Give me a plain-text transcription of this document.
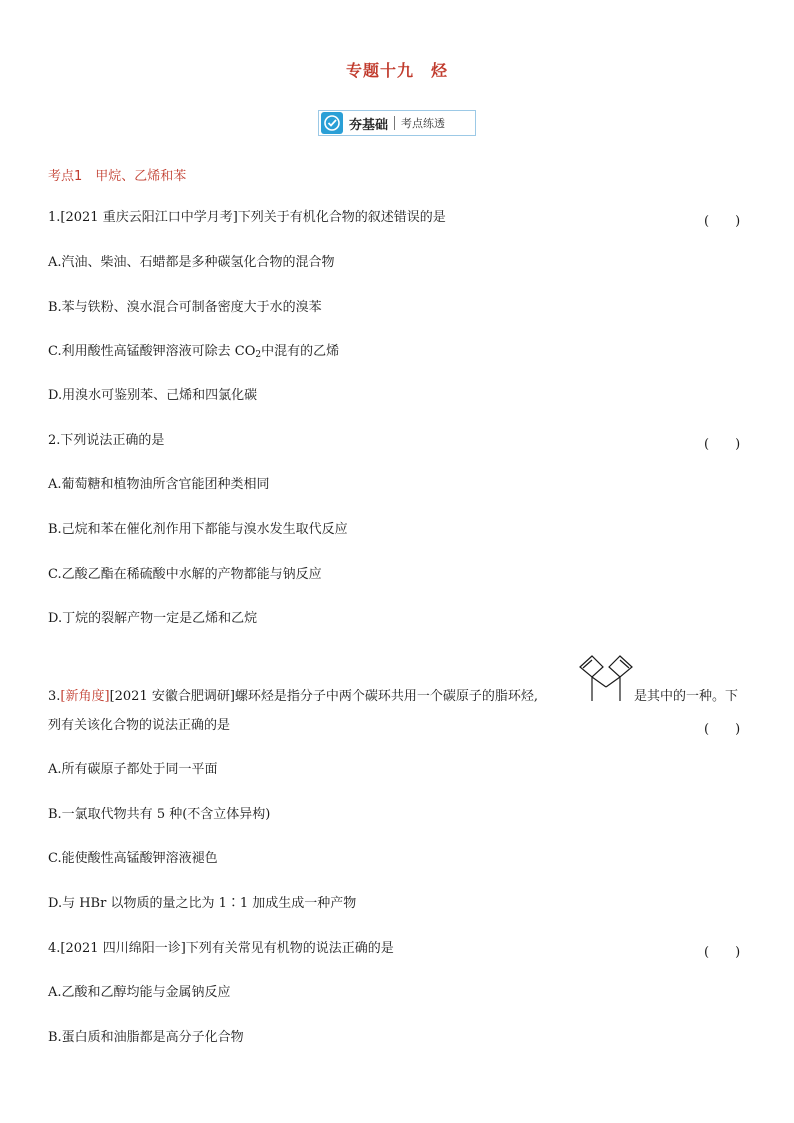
专题十九　烃
夯基础 考点练透
考点1　甲烷、乙烯和苯
1.[2021 重庆云阳江口中学月考]下列关于有机化合物的叙述错误的是	(　　)
A.汽油、柴油、石蜡都是多种碳氢化合物的混合物
B.苯与铁粉、溴水混合可制备密度大于水的溴苯
C.利用酸性高锰酸钾溶液可除去 $CO_2$中混有的乙烯
D.用溴水可鉴别苯、己烯和四氯化碳
2.下列说法正确的是	(　　)
A.葡萄糖和植物油所含官能团种类相同
B.己烷和苯在催化剂作用下都能与溴水发生取代反应
C.乙酸乙酯在稀硫酸中水解的产物都能与钠反应
D.丁烷的裂解产物一定是乙烯和乙烷
3.[新角度][2021 安徽合肥调研]螺环烃是指分子中两个碳环共用一个碳原子的脂环烃,	是其中的一种。下
列有关该化合物的说法正确的是	(　　)
A.所有碳原子都处于同一平面
B.一氯取代物共有 5 种(不含立体异构)
C.能使酸性高锰酸钾溶液褪色
D.与 HBr 以物质的量之比为 1∶1 加成生成一种产物
4.[2021 四川绵阳一诊]下列有关常见有机物的说法正确的是	(　　)
A.乙酸和乙醇均能与金属钠反应
B.蛋白质和油脂都是高分子化合物
